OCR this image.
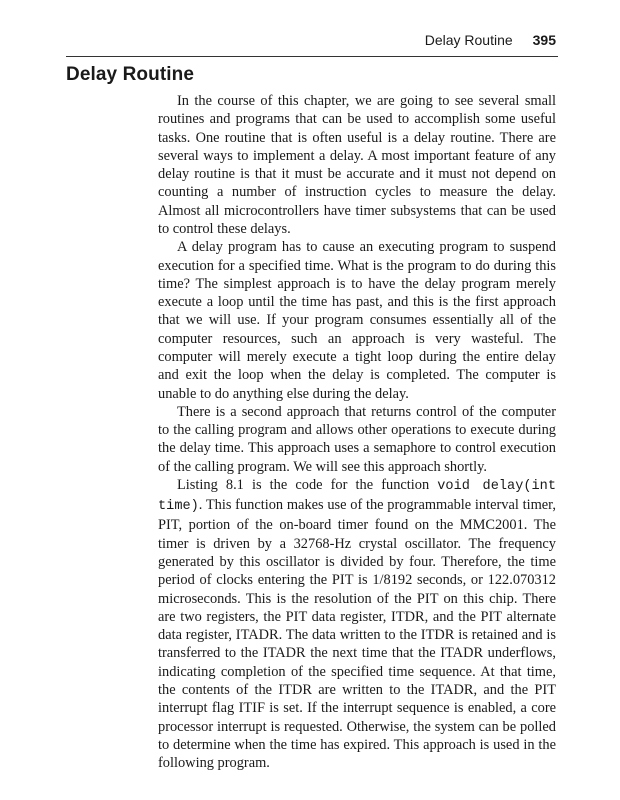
Delay Routine 395
Delay Routine

In the course of this chapter, we are going to see several small routines and programs that can be used to accomplish some useful tasks. One routine that is often useful is a delay routine. There are several ways to implement a delay. A most important feature of any delay routine is that it must be accurate and it must not depend on counting a number of instruction cycles to measure the delay. Almost all microcontrollers have timer subsystems that can be used to control these delays.

A delay program has to cause an executing program to suspend execution for a specified time. What is the program to do during this time? The simplest approach is to have the delay program merely execute a loop until the time has past, and this is the first approach that we will use. If your program consumes essentially all of the computer resources, such an approach is very wasteful. The computer will merely execute a tight loop during the entire delay and exit the loop when the delay is completed. The computer is unable to do anything else during the delay.

There is a second approach that returns control of the computer to the calling program and allows other operations to execute during the delay time. This approach uses a semaphore to control execution of the calling program. We will see this approach shortly.

Listing 8.1 is the code for the function void delay(int time). This function makes use of the programmable interval timer, PIT, portion of the on-board timer found on the MMC2001. The timer is driven by a 32768-Hz crystal oscillator. The frequency generated by this oscillator is divided by four. Therefore, the time period of clocks entering the PIT is 1/8192 seconds, or 122.070312 microseconds. This is the resolution of the PIT on this chip. There are two registers, the PIT data register, ITDR, and the PIT alternate data register, ITADR. The data written to the ITDR is retained and is transferred to the ITADR the next time that the ITADR underflows, indicating completion of the specified time sequence. At that time, the contents of the ITDR are written to the ITADR, and the PIT interrupt flag ITIF is set. If the interrupt sequence is enabled, a core processor interrupt is requested. Otherwise, the system can be polled to determine when the time has expired. This approach is used in the following program.
